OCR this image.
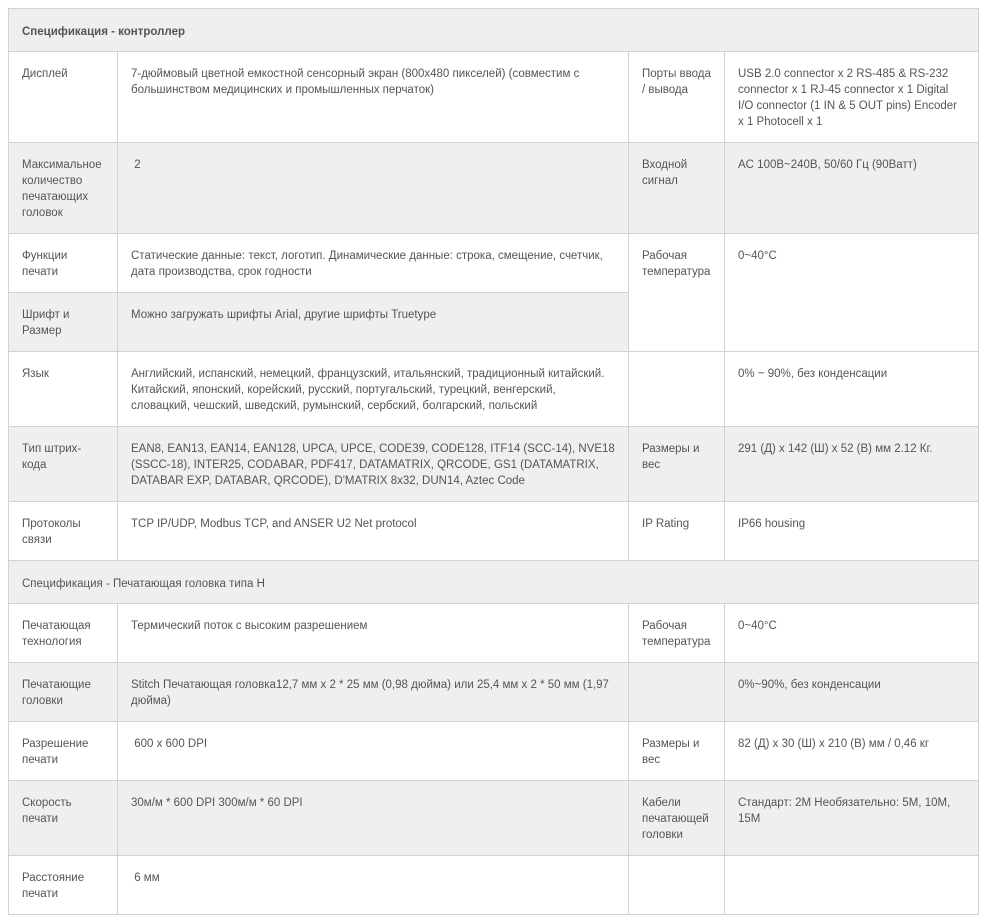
Спецификация - контроллер			
Дисплей	7-дюймовый цветной емкостной сенсорный экран (800x480 пикселей) (совместим с большинством медицинских и промышленных перчаток)	Порты ввода / вывода	USB 2.0 connector x 2 RS-485 & RS-232 connector x 1 RJ-45 connector x 1 Digital I/O connector (1 IN & 5 OUT pins) Encoder x 1 Photocell x 1
Максимальное количество печатающих головок	2	Входной сигнал	AC 100В~240В, 50/60 Гц (90Ватт)
Функции печати	Статические данные: текст, логотип. Динамические данные: строка, смещение, счетчик, дата производства, срок годности	Рабочая температура	0~40°C
Шрифт и Размер	Можно загружать шрифты Arial, другие шрифты Truetype		
Язык	Английский, испанский, немецкий, французский, итальянский, традиционный китайский. Китайский, японский, корейский, русский, португальский, турецкий, венгерский, словацкий, чешский, шведский, румынский, сербский, болгарский, польский		0% ~ 90%, без конденсации
Тип штрих-кода	EAN8, EAN13, EAN14, EAN128, UPCA, UPCE, CODE39, CODE128, ITF14 (SCC-14), NVE18 (SSCC-18), INTER25, CODABAR, PDF417, DATAMATRIX, QRCODE, GS1 (DATAMATRIX, DATABAR EXP, DATABAR, QRCODE), D'MATRIX 8x32, DUN14, Aztec Code	Размеры и вес	291 (Д) x 142 (Ш) x 52 (В) мм 2.12 Кг.
Протоколы связи	TCP IP/UDP, Modbus TCP, and ANSER U2 Net protocol	IP Rating	IP66 housing
Спецификация - Печатающая головка типа H			
Печатающая технология	Термический поток с высоким разрешением	Рабочая температура	0~40°C
Печатающие головки	Stitch Печатающая головка12,7 мм x 2 * 25 мм (0,98 дюйма) или 25,4 мм x 2 * 50 мм (1,97 дюйма)		0%~90%, без конденсации
Разрешение печати	600 x 600 DPI	Размеры и вес	82 (Д) x 30 (Ш) x 210 (В) мм / 0,46 кг
Скорость печати	30м/м * 600 DPI 300м/м * 60 DPI	Кабели печатающей головки	Стандарт: 2М Необязательно: 5М, 10М, 15М
Расстояние печати	6 мм		
